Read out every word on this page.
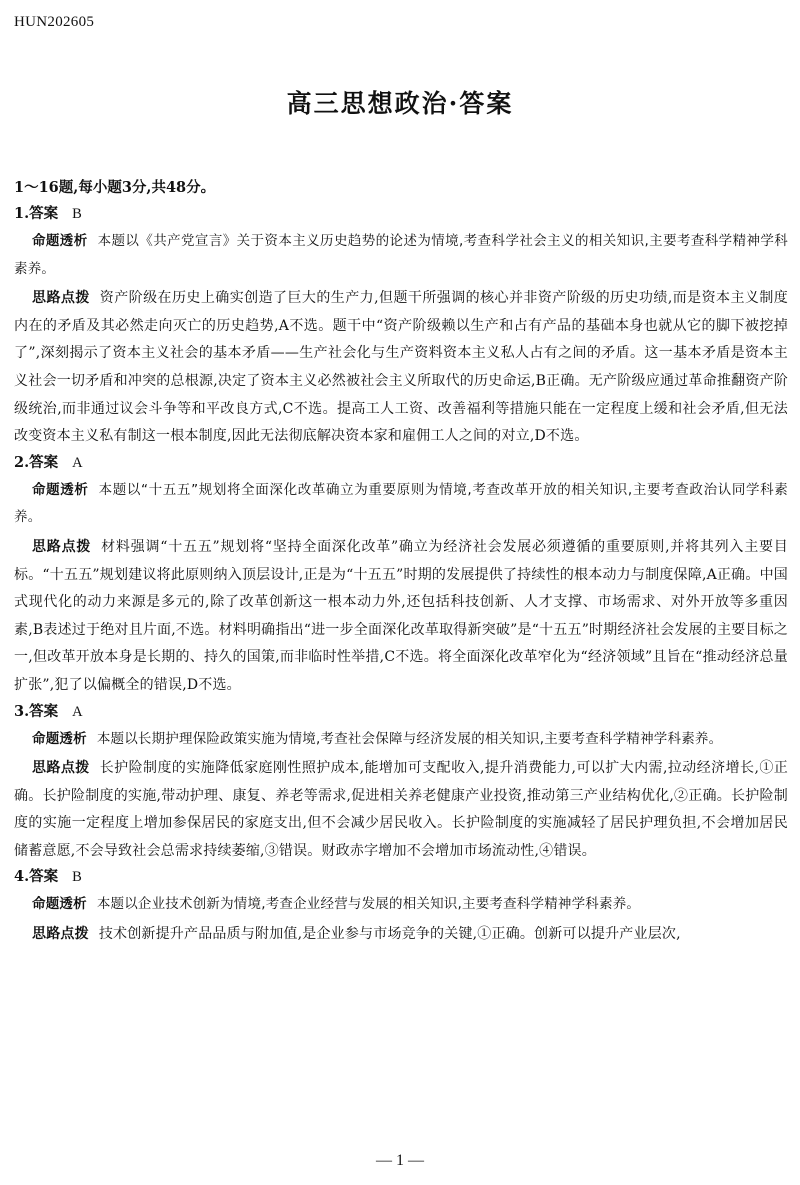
HUN202605
高三思想政治·答案
1～16题,每小题3分,共48分。
1.答案 B
命题透析 本题以《共产党宣言》关于资本主义历史趋势的论述为情境,考查科学社会主义的相关知识,主要考查科学精神学科素养。
思路点拨 资产阶级在历史上确实创造了巨大的生产力,但题干所强调的核心并非资产阶级的历史功绩,而是资本主义制度内在的矛盾及其必然走向灭亡的历史趋势,A不选。题干中“资产阶级赖以生产和占有产品的基础本身也就从它的脚下被挖掉了”,深刻揭示了资本主义社会的基本矛盾——生产社会化与生产资料资本主义私人占有之间的矛盾。这一基本矛盾是资本主义社会一切矛盾和冲突的总根源,决定了资本主义必然被社会主义所取代的历史命运,B正确。无产阶级应通过革命推翻资产阶级统治,而非通过议会斗争等和平改良方式,C不选。提高工人工资、改善福利等措施只能在一定程度上缓和社会矛盾,但无法改变资本主义私有制这一根本制度,因此无法彻底解决资本家和雇佣工人之间的对立,D不选。
2.答案 A
命题透析 本题以“十五五”规划将全面深化改革确立为重要原则为情境,考查改革开放的相关知识,主要考查政治认同学科素养。
思路点拨 材料强调“十五五”规划将“坚持全面深化改革”确立为经济社会发展必须遵循的重要原则,并将其列入主要目标。“十五五”规划建议将此原则纳入顶层设计,正是为“十五五”时期的发展提供了持续性的根本动力与制度保障,A正确。中国式现代化的动力来源是多元的,除了改革创新这一根本动力外,还包括科技创新、人才支撑、市场需求、对外开放等多重因素,B表述过于绝对且片面,不选。材料明确指出“进一步全面深化改革取得新突破”是“十五五”时期经济社会发展的主要目标之一,但改革开放本身是长期的、持久的国策,而非临时性举措,C不选。将全面深化改革窄化为“经济领域”且旨在“推动经济总量扩张”,犯了以偏概全的错误,D不选。
3.答案 A
命题透析 本题以长期护理保险政策实施为情境,考查社会保障与经济发展的相关知识,主要考查科学精神学科素养。
思路点拨 长护险制度的实施降低家庭刚性照护成本,能增加可支配收入,提升消费能力,可以扩大内需,拉动经济增长,①正确。长护险制度的实施,带动护理、康复、养老等需求,促进相关养老健康产业投资,推动第三产业结构优化,②正确。长护险制度的实施一定程度上增加参保居民的家庭支出,但不会减少居民收入。长护险制度的实施减轻了居民护理负担,不会增加居民储蓄意愿,不会导致社会总需求持续萎缩,③错误。财政赤字增加不会增加市场流动性,④错误。
4.答案 B
命题透析 本题以企业技术创新为情境,考查企业经营与发展的相关知识,主要考查科学精神学科素养。
思路点拨 技术创新提升产品品质与附加值,是企业参与市场竞争的关键,①正确。创新可以提升产业层次,
— 1 —
